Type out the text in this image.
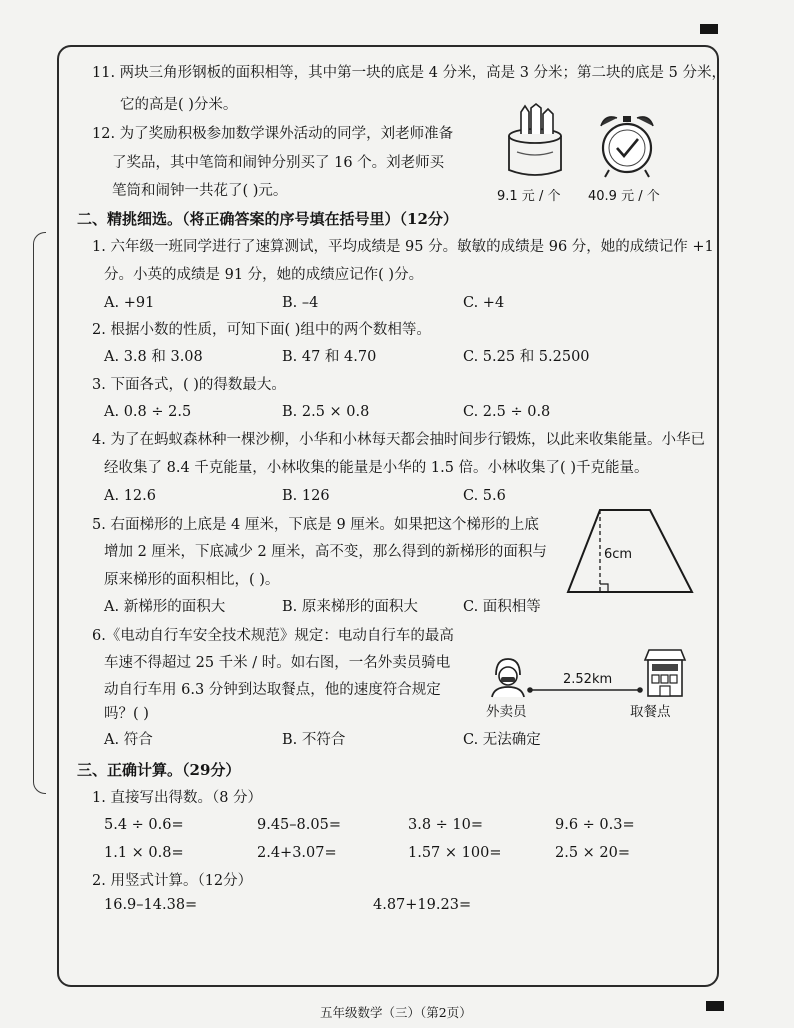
11. 两块三角形钢板的面积相等，其中第一块的底是 4 分米，高是 3 分米；第二块的底是 5 分米，
它的高是( )分米。
12. 为了奖励积极参加数学课外活动的同学，刘老师准备
了奖品，其中笔筒和闹钟分别买了 16 个。刘老师买
笔筒和闹钟一共花了( )元。	9.1 元 / 个 40.9 元 / 个
二、精挑细选。（将正确答案的序号填在括号里）（12分）
1. 六年级一班同学进行了速算测试，平均成绩是 95 分。敏敏的成绩是 96 分，她的成绩记作 +1
分。小英的成绩是 91 分，她的成绩应记作( )分。
A. +91	B. –4	C. +4
2. 根据小数的性质，可知下面( )组中的两个数相等。
A. 3.8 和 3.08	B. 47 和 4.70	C. 5.25 和 5.2500
3. 下面各式，( )的得数最大。
A. 0.8 ÷ 2.5	B. 2.5 × 0.8	C. 2.5 ÷ 0.8
4. 为了在蚂蚁森林种一棵沙柳，小华和小林每天都会抽时间步行锻炼，以此来收集能量。小华已
经收集了 8.4 千克能量，小林收集的能量是小华的 1.5 倍。小林收集了( )千克能量。
A. 12.6	B. 126	C. 5.6
5. 右面梯形的上底是 4 厘米，下底是 9 厘米。如果把这个梯形的上底
增加 2 厘米，下底减少 2 厘米，高不变，那么得到的新梯形的面积与
原来梯形的面积相比，( )。
6cm
A. 新梯形的面积大	B. 原来梯形的面积大	C. 面积相等
6.《电动自行车安全技术规范》规定：电动自行车的最高
车速不得超过 25 千米 / 时。如右图，一名外卖员骑电
动自行车用 6.3 分钟到达取餐点，他的速度符合规定
吗？( )
2.52km
外卖员	取餐点
A. 符合	B. 不符合	C. 无法确定
三、正确计算。（29分）
1. 直接写出得数。（8 分）
5.4 ÷ 0.6=	9.45–8.05=	3.8 ÷ 10=	9.6 ÷ 0.3=
1.1 × 0.8=	2.4+3.07=	1.57 × 100=	2.5 × 20=
2. 用竖式计算。（12分）
16.9–14.38=	4.87+19.23=
五年级数学（三）（第2页）
